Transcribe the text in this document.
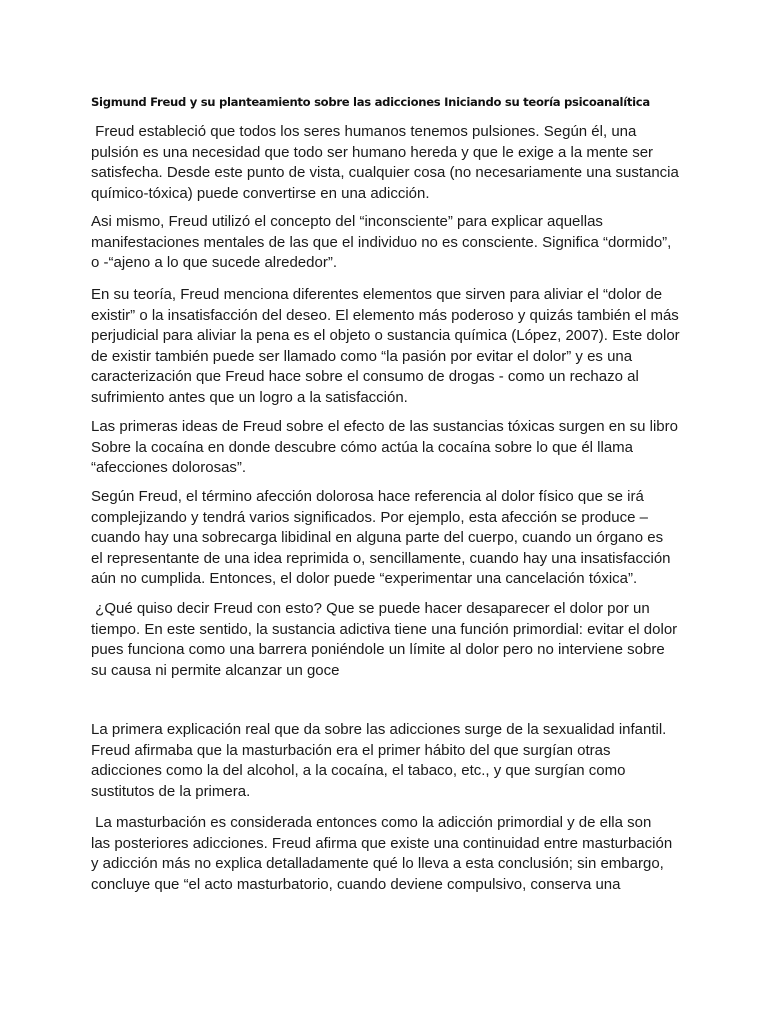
Sigmund Freud y su planteamiento sobre las adicciones Iniciando su teoría psicoanalítica

Freud estableció que todos los seres humanos tenemos pulsiones. Según él, una
pulsión es una necesidad que todo ser humano hereda y que le exige a la mente ser
satisfecha. Desde este punto de vista, cualquier cosa (no necesariamente una sustancia
químico-tóxica) puede convertirse en una adicción.

Asi mismo, Freud utilizó el concepto del “inconsciente” para explicar aquellas
manifestaciones mentales de las que el individuo no es consciente. Significa “dormido”,
o -“ajeno a lo que sucede alrededor”.

En su teoría, Freud menciona diferentes elementos que sirven para aliviar el “dolor de
existir” o la insatisfacción del deseo. El elemento más poderoso y quizás también el más
perjudicial para aliviar la pena es el objeto o sustancia química (López, 2007). Este dolor
de existir también puede ser llamado como “la pasión por evitar el dolor” y es una
caracterización que Freud hace sobre el consumo de drogas - como un rechazo al
sufrimiento antes que un logro a la satisfacción.

Las primeras ideas de Freud sobre el efecto de las sustancias tóxicas surgen en su libro
Sobre la cocaína en donde descubre cómo actúa la cocaína sobre lo que él llama
“afecciones dolorosas”.

Según Freud, el término afección dolorosa hace referencia al dolor físico que se irá
complejizando y tendrá varios significados. Por ejemplo, esta afección se produce –
cuando hay una sobrecarga libidinal en alguna parte del cuerpo, cuando un órgano es
el representante de una idea reprimida o, sencillamente, cuando hay una insatisfacción
aún no cumplida. Entonces, el dolor puede “experimentar una cancelación tóxica”.

¿Qué quiso decir Freud con esto? Que se puede hacer desaparecer el dolor por un
tiempo. En este sentido, la sustancia adictiva tiene una función primordial: evitar el dolor
pues funciona como una barrera poniéndole un límite al dolor pero no interviene sobre
su causa ni permite alcanzar un goce

La primera explicación real que da sobre las adicciones surge de la sexualidad infantil.
Freud afirmaba que la masturbación era el primer hábito del que surgían otras
adicciones como la del alcohol, a la cocaína, el tabaco, etc., y que surgían como
sustitutos de la primera.

La masturbación es considerada entonces como la adicción primordial y de ella son
las posteriores adicciones. Freud afirma que existe una continuidad entre masturbación
y adicción más no explica detalladamente qué lo lleva a esta conclusión; sin embargo,
concluye que “el acto masturbatorio, cuando deviene compulsivo, conserva una
